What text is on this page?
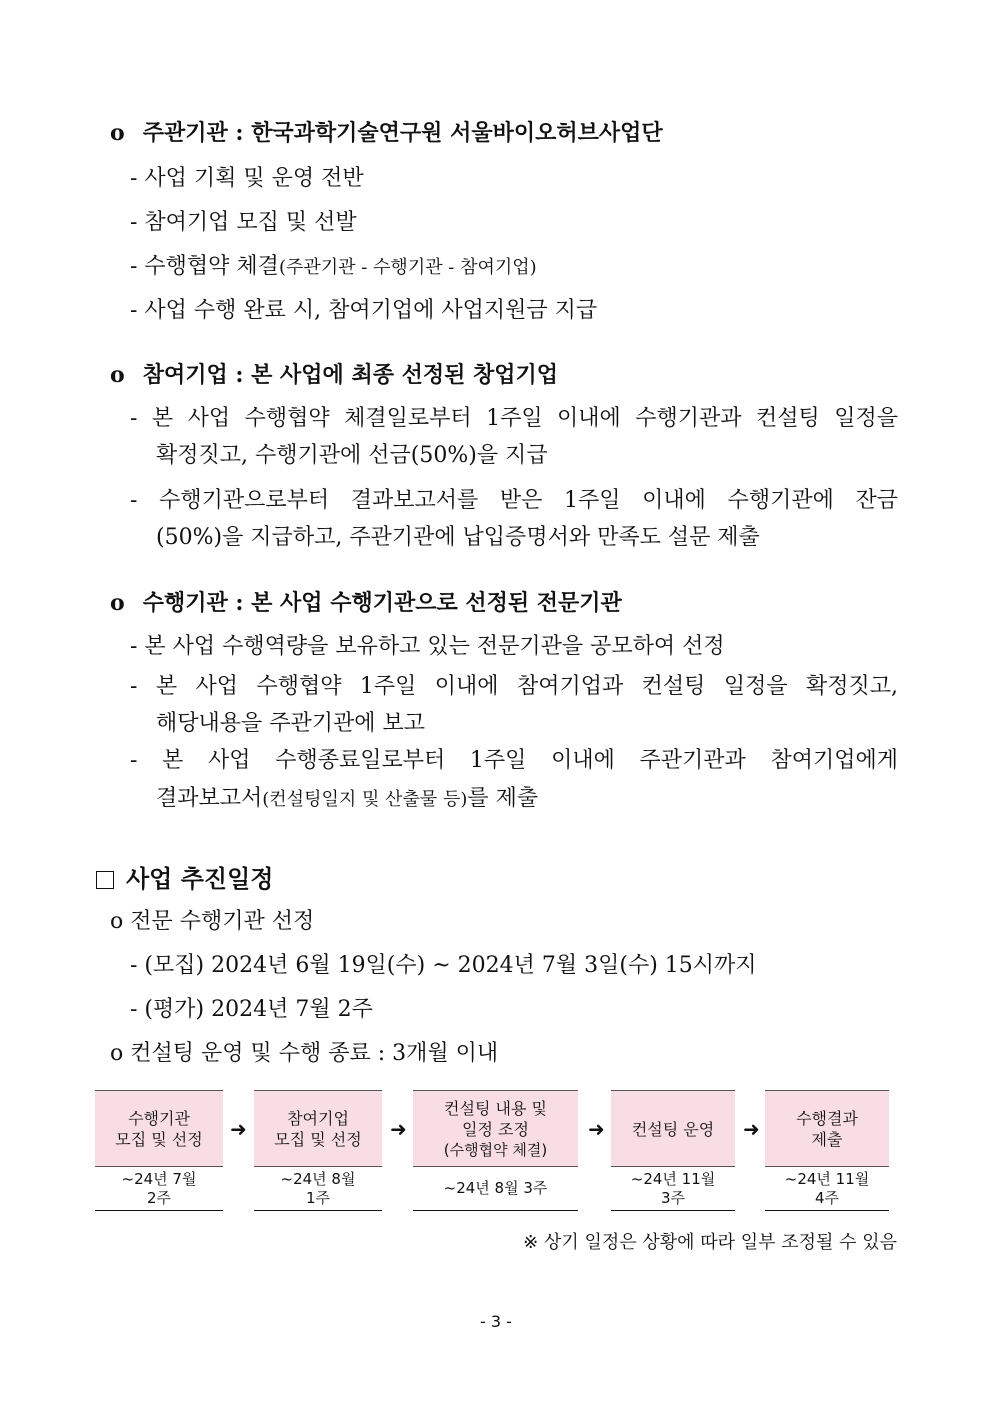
o 주관기관 : 한국과학기술연구원 서울바이오허브사업단
- 사업 기획 및 운영 전반
- 참여기업 모집 및 선발
- 수행협약 체결(주관기관 - 수행기관 - 참여기업)
- 사업 수행 완료 시, 참여기업에 사업지원금 지급
o 참여기업 : 본 사업에 최종 선정된 창업기업
- 본 사업 수행협약 체결일로부터 1주일 이내에 수행기관과 컨설팅 일정을
확정짓고, 수행기관에 선금(50%)을 지급
- 수행기관으로부터 결과보고서를 받은 1주일 이내에 수행기관에 잔금
(50%)을 지급하고, 주관기관에 납입증명서와 만족도 설문 제출
o 수행기관 : 본 사업 수행기관으로 선정된 전문기관
- 본 사업 수행역량을 보유하고 있는 전문기관을 공모하여 선정
- 본 사업 수행협약 1주일 이내에 참여기업과 컨설팅 일정을 확정짓고,
해당내용을 주관기관에 보고
- 본 사업 수행종료일로부터 1주일 이내에 주관기관과 참여기업에게
결과보고서(컨설팅일지 및 산출물 등)를 제출
사업 추진일정
o 전문 수행기관 선정
- (모집) 2024년 6월 19일(수) ~ 2024년 7월 3일(수) 15시까지
- (평가) 2024년 7월 2주
o 컨설팅 운영 및 수행 종료 : 3개월 이내
수행기관
모집 및 선정
~24년 7월
2주
➜	참여기업
모집 및 선정
~24년 8월
1주
➜
컨설팅 내용 및
일정 조정
(수행협약 체결)
~24년 8월 3주
➜ 컨설팅 운영
~24년 11월
3주
➜ 수행결과
제출
~24년 11월
4주
※ 상기 일정은 상황에 따라 일부 조정될 수 있음
- 3 -
